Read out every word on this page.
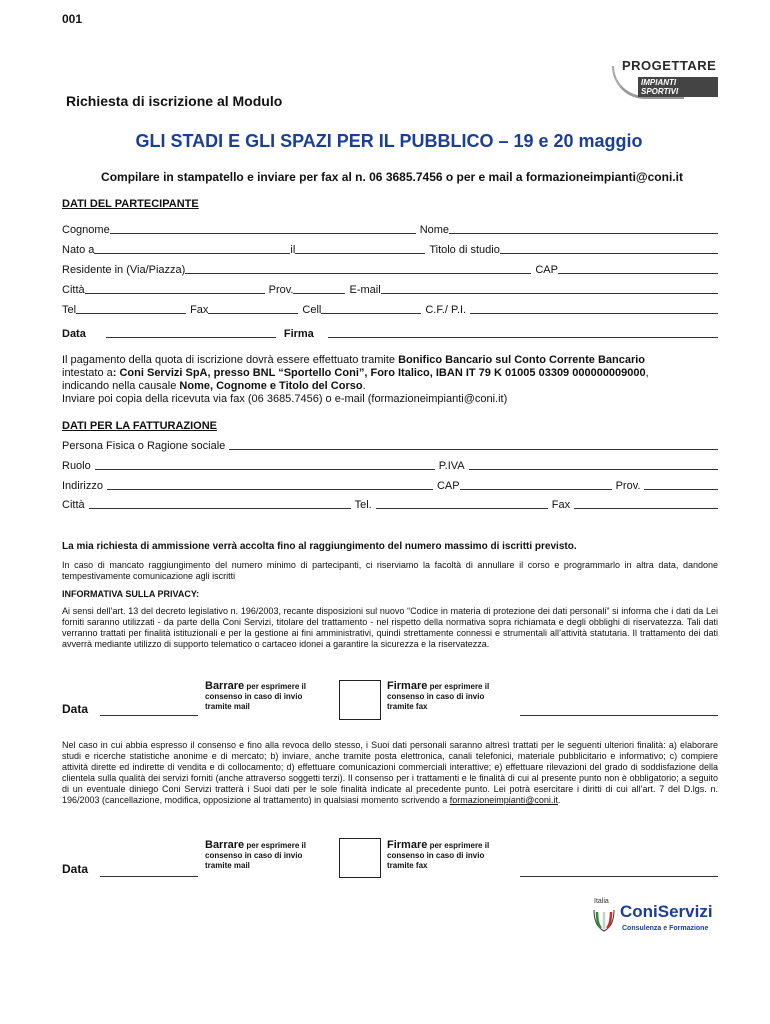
001
PROGETTARE
IMPIANTI SPORTIVI
Richiesta di iscrizione al Modulo
GLI STADI E GLI SPAZI PER IL PUBBLICO – 19 e 20 maggio
Compilare in stampatello e inviare per fax al n. 06 3685.7456 o per e mail a formazioneimpianti@coni.it
DATI DEL PARTECIPANTE
Cognome	Nome
Nato a	il	Titolo di studio
Residente in (Via/Piazza)	CAP
Città	Prov.	E-mail
Tel	Fax	Cell	C.F./ P.I.
Data	Firma
Il pagamento della quota di iscrizione dovrà essere effettuato tramite Bonifico Bancario sul Conto Corrente Bancario
intestato a: Coni Servizi SpA, presso BNL “Sportello Coni”, Foro Italico, IBAN IT 79 K 01005 03309 000000009000,
indicando nella causale Nome, Cognome e Titolo del Corso.
Inviare poi copia della ricevuta via fax (06 3685.7456) o e-mail (formazioneimpianti@coni.it)
DATI PER LA FATTURAZIONE
Persona Fisica o Ragione sociale
Ruolo	P.IVA
Indirizzo	CAP	Prov.
Città	Tel.	Fax
La mia richiesta di ammissione verrà accolta fino al raggiungimento del numero massimo di iscritti previsto.
In caso di mancato raggiungimento del numero minimo di partecipanti, ci riserviamo la facoltà di annullare il corso e programmarlo in altra data, dandone tempestivamente comunicazione agli iscritti
INFORMATIVA SULLA PRIVACY:
Ai sensi dell’art. 13 del decreto legislativo n. 196/2003, recante disposizioni sul nuovo “Codice in materia di protezione dei dati personali” si informa che i dati da Lei forniti saranno utilizzati - da parte della Coni Servizi, titolare del trattamento - nel rispetto della normativa sopra richiamata e degli obblighi di riservatezza. Tali dati verranno trattati per finalità istituzionali e per la gestione ai fini amministrativi, quindi strettamente connessi e strumentali all’attività statutaria. Il trattamento dei dati avverrà mediante utilizzo di supporto telematico o cartaceo idonei a garantire la sicurezza e la riservatezza.
Data
Barrare per esprimere il
consenso in caso di invio
tramite mail
Firmare per esprimere il
consenso in caso di invio
tramite fax
Nel caso in cui abbia espresso il consenso e fino alla revoca dello stesso, i Suoi dati personali saranno altresì trattati per le seguenti ulteriori finalità: a) elaborare studi e ricerche statistiche anonime e di mercato; b) inviare, anche tramite posta elettronica, canali telefonici, materiale pubblicitario e informativo; c) compiere attività dirette ed indirette di vendita e di collocamento; d) effettuare comunicazioni commerciali interattive; e) effettuare rilevazioni del grado di soddisfazione della clientela sulla qualità dei servizi forniti (anche attraverso soggetti terzi). Il consenso per i trattamenti e le finalità di cui al presente punto non è obbligatorio; a seguito di un eventuale diniego Coni Servizi tratterà i Suoi dati per le sole finalità indicate al precedente punto. Lei potrà esercitare i diritti di cui all’art. 7 del D.lgs. n. 196/2003 (cancellazione, modifica, opposizione al trattamento) in qualsiasi momento scrivendo a formazioneimpianti@coni.it.
Data
Barrare per esprimere il
consenso in caso di invio
tramite mail
Firmare per esprimere il
consenso in caso di invio
tramite fax
Italia
ConiServizi
Consulenza e Formazione
